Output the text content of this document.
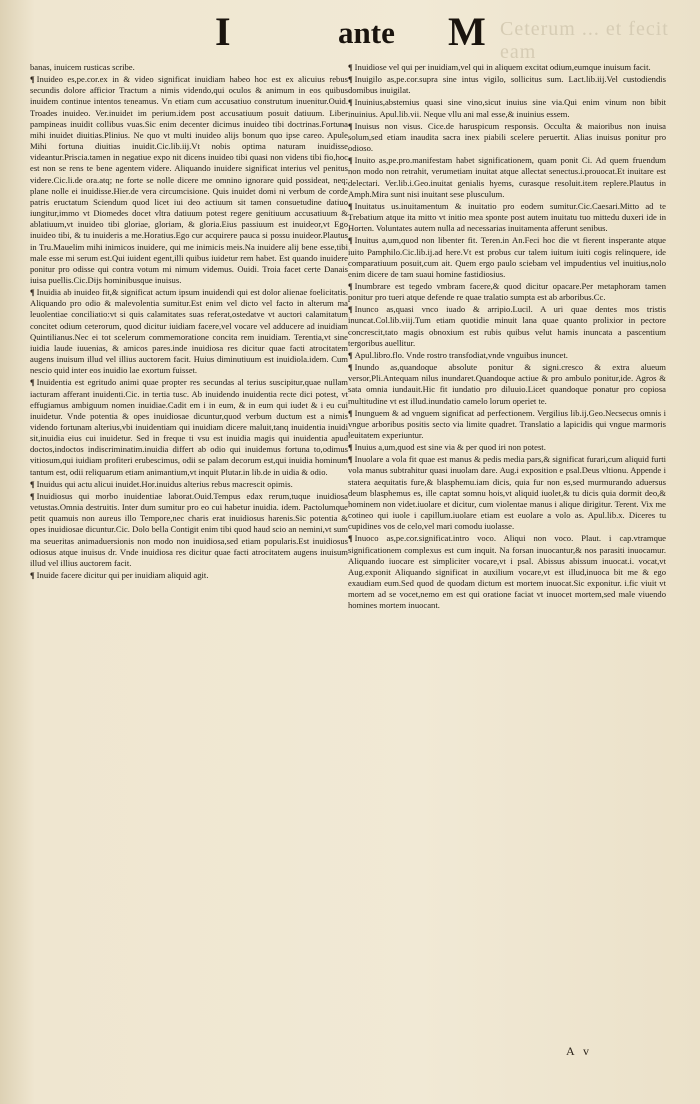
I	ante M Ceterum ... et fecit eam

banas, inuicem rusticas scribe.

¶ Inuideo es,pe.cor.ex in & video significat inuidiam habeo hoc est ex alicuius rebus secundis dolore afficior Tractum a nimis videndo,qui oculos & animum in eos quibus inuidem continue intentos teneamus. Vn etiam cum accusatiuo construtum inuenitur.Ouid. Troades inuideo. Ver.inuidet im perium.idem post accusatiuum posuit datiuum. Liber pampineas inuidit collibus vuas.Sic enim decenter dicimus inuideo tibi doctrinas.Fortuna mihi inuidet diuitias.Plinius. Ne quo vt multi inuideo alijs bonum quo ipse careo. Apule Mihi fortuna diuitias inuidit.Cic.lib.iij.Vt nobis optima naturam inuidisse videantur.Priscia.tamen in negatiue expo nit dicens inuideo tibi quasi non videns tibi fio,hoc est non se rens te bene agentem videre. Aliquando inuidere significat interius vel penitus videre.Cic.li.de ora.atq; ne forte se nolle dicere me omnino ignorare quid possideat, neq; plane nolle ei inuidisse.Hier.de vera circumcisione. Quis inuidet domi ni verbum de corde patris eructatum Sciendum quod licet iui deo actiuum sit tamen consuetudine datiuo iungitur,immo vt Diomedes docet vltra datiuum potest regere genitiuum accusatiuum & ablatiuum,vt inuideo tibi gloriae, gloriam, & gloria.Eius passiuum est inuideor,vt Ego inuideo tibi, & tu inuideris a me.Horatius.Ego cur acquirere pauca si possu inuideor.Plautus in Tru.Mauelim mihi inimicos inuidere, qui me inimicis meis.Na inuidere alij bene esse,tibi male esse mi serum est.Qui iuident egent,illi quibus iuidetur rem habet. Est quando inuidere ponitur pro odisse qui contra votum mi nimum videmus. Ouidi. Troia facet certe Danais iuisa puellis.Cic.Dijs hominibusque inuisus.

¶ Inuidia ab inuideo fit,& significat actum ipsum inuidendi qui est dolor alienae foelicitatis. Aliquando pro odio & malevolentia sumitur.Est enim vel dicto vel facto in alterum ma leuolentiae conciliatio:vt si quis calamitates suas referat,ostedatve vt auctori calamitatum concitet odium ceterorum, quod dicitur iuidiam facere,vel vocare vel adducere ad inuidiam Quintilianus.Nec ei tot scelerum commemoratione concita rem inuidiam. Terentia,vt sine iuidia laude iuuenias, & amicos pares.inde inuidiosa res dicitur quae facti atrocitatem augens inuisum illud vel illius auctorem facit. Huius diminutiuum est inuidiola.idem. Cum nescio quid inter eos inuidio lae exortum fuisset.

¶ Inuidentia est egritudo animi quae propter res secundas al terius suscipitur,quae nullam iacturam afferant inuidenti.Cic. in tertia tusc. Ab inuidendo inuidentia recte dici potest, vt effugiamus ambiguum nomen inuidiae.Cadit em i in eum, & in eum qui iudet & i eu cui inuidetur. Vnde potentia & opes inuidiosae dicuntur,quod verbum ductum est a nimis videndo fortunam alterius,vbi inuidentiam qui inuidiam dicere maluit,tanq inuidentia inuidi sit,inuidia eius cui inuidetur. Sed in freque ti vsu est inuidia magis qui inuidentia apud doctos,indoctos indiscriminatim.inuidia differt ab odio qui inuidemus fortuna to,odimus vitiosum,qui iuidiam profiteri erubescimus, odii se palam decorum est,qui inuidia hominum tantum est, odii reliquarum etiam animantium,vt inquit Plutar.in lib.de in uidia & odio.

¶ Inuidus qui actu alicui inuidet.Hor.inuidus alterius rebus macrescit opimis.

¶ Inuidiosus qui morbo inuidentiae laborat.Ouid.Tempus edax rerum,tuque inuidiosa vetustas.Omnia destruitis. Inter dum sumitur pro eo cui habetur inuidia. idem. Pactolumque petit quamuis non aureus illo Tempore,nec charis erat inuidiosus harenis.Sic potentia & opes inuidiosae dicuntur.Cic. Dolo bella Contigit enim tibi quod haud scio an nemini,vt sum ma seueritas animaduersionis non modo non inuidiosa,sed etiam popularis.Est inuidiosus odiosus atque inuisus dr. Vnde inuidiosa res dicitur quae facti atrocitatem augens inuisum illud vel illius auctorem facit.

¶ Inuide facere dicitur qui per inuidiam aliquid agit.

¶ Inuidiose vel qui per inuidiam,vel qui in aliquem excitat odium,eumque inuisum facit.

¶ Inuigilo as,pe.cor.supra sine intus vigilo, sollicitus sum. Lact.lib.iij.Vel custodiendis domibus inuigilat.

¶ Inuinius,abstemius quasi sine vino,sicut inuius sine via.Qui enim vinum non bibit inuinius. Apul.lib.vii. Neque vllu ani mal esse,& inuinius essem.

¶ Inuisus non visus. Cice.de haruspicum responsis. Occulta & maioribus non inuisa solum,sed etiam inaudita sacra inex piabili scelere peruertit. Alias inuisus ponitur pro odioso.

¶ Inuito as,pe.pro.manifestam habet significationem, quam ponit Ci. Ad quem fruendum non modo non retrahit, verumetiam inuitat atque allectat senectus.i.prouocat.Et inuitare est delectari. Ver.lib.i.Geo.inuitat genialis hyems, curasque resoluit.item replere.Plautus in Amph.Mira sunt nisi inuitant sese plusculum.

¶ Inuitatus us.inuitamentum & inuitatio pro eodem sumitur.Cic.Caesari.Mitto ad te Trebatium atque ita mitto vt initio mea sponte post autem inuitatu tuo mittedu duxeri ide in Horten. Voluntates autem nulla ad necessarias inuitamenta afferunt senibus.

¶ Inuitus a,um,quod non libenter fit. Teren.in An.Feci hoc die vt fierent insperante atque iuito Pamphilo.Cic.lib.ij.ad here.Vt est probus cur talem iuitum iuiti cogis relinquere, ide comparatiuum posuit,cum ait. Quem ergo paulo sciebam vel impudentius vel inuitius,nolo enim dicere de tam suaui homine fastidiosius.

¶ Inumbrare est tegedo vmbram facere,& quod dicitur opacare.Per metaphoram tamen ponitur pro tueri atque defende re quae tralatio sumpta est ab arboribus.Cc.

¶ Inunco as,quasi vnco iuado & arripio.Lucil. A uri quae dentes mos tristis inuncat.Col.lib.viij.Tum etiam quotidie minuit lana quae quanto prolixior in pectore concrescit,tato magis obnoxium est rubis quibus velut hamis inuncata a pascentium tergoribus auellitur.

¶ Apul.libro.flo. Vnde rostro transfodiat,vnde vnguibus inuncet.

¶ Inundo as,quandoque absolute ponitur & signi.cresco & extra alueum versor,Pli.Antequam nilus inundaret.Quandoque actiue & pro ambulo ponitur,ide. Agros & sata omnia iundauit.Hic fit iundatio pro diluuio.Licet quandoque ponatur pro copiosa multitudine vt est illud.inundatio camelo lorum operiet te.

¶ Inunguem & ad vnguem significat ad perfectionem. Vergilius lib.ij.Geo.Necsecus omnis i vngue arboribus positis secto via limite quadret. Translatio a lapicidis qui vngue marmoris leuitatem experiuntur.

¶ Inuius a,um,quod est sine via & per quod iri non potest.

¶ Inuolare a vola fit quae est manus & pedis media pars,& significat furari,cum aliquid furti vola manus subtrahitur quasi inuolam dare. Aug.i exposition e psal.Deus vltionu. Appende i statera aequitatis fure,& blasphemu.iam dicis, quia fur non es,sed murmurando aduersus deum blasphemus es, ille captat somnu hois,vt aliquid iuolet,& tu dicis quia dormit deo,& hominem non videt.iuolare et dicitur, cum violentae manus i alique dirigitur. Terent. Vix me cotineo qui iuole i capillum.iuolare etiam est euolare a volo as. Apul.lib.x. Diceres tu cupidines vos de celo,vel mari comodu iuolasse.

¶ Inuoco as,pe.cor.significat.intro voco. Aliqui non voco. Plaut. i cap.vtramque significationem complexus est cum inquit. Na forsan inuocantur,& nos parasiti inuocamur. Aliquando iuocare est simpliciter vocare,vt i psal. Abissus abissum inuocat.i. vocat,vt Aug.exponit Aliquando significat in auxilium vocare,vt est illud,inuoca bit me & ego exaudiam eum.Sed quod de quodam dictum est mortem inuocat.Sic exponitur. i.fic viuit vt mortem ad se vocet,nemo em est qui oratione faciat vt inuocet mortem,sed male viuendo homines mortem inuocant.

A v
